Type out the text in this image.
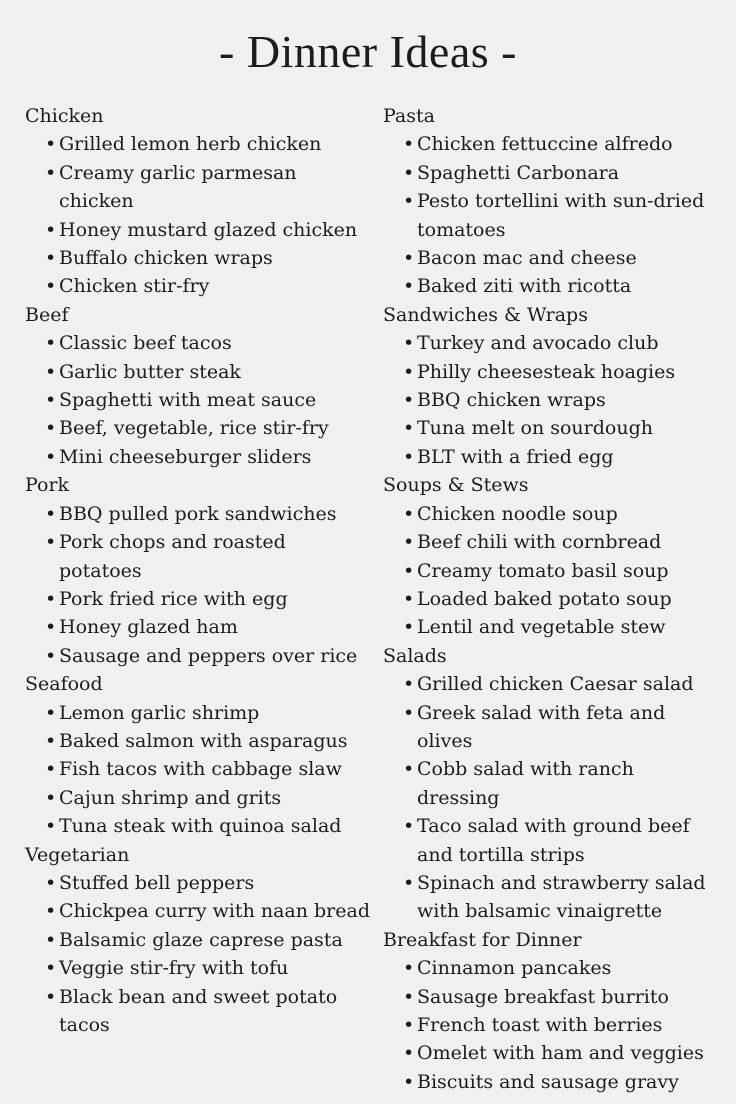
- Dinner Ideas -
Chicken
• Grilled lemon herb chicken
• Creamy garlic parmesan chicken
• Honey mustard glazed chicken
• Buffalo chicken wraps
• Chicken stir-fry
Beef
• Classic beef tacos
• Garlic butter steak
• Spaghetti with meat sauce
• Beef, vegetable, rice stir-fry
• Mini cheeseburger sliders
Pork
• BBQ pulled pork sandwiches
• Pork chops and roasted potatoes
• Pork fried rice with egg
• Honey glazed ham
• Sausage and peppers over rice
Seafood
• Lemon garlic shrimp
• Baked salmon with asparagus
• Fish tacos with cabbage slaw
• Cajun shrimp and grits
• Tuna steak with quinoa salad
Vegetarian
• Stuffed bell peppers
• Chickpea curry with naan bread
• Balsamic glaze caprese pasta
• Veggie stir-fry with tofu
• Black bean and sweet potato tacos
Pasta
• Chicken fettuccine alfredo
• Spaghetti Carbonara
• Pesto tortellini with sun-dried tomatoes
• Bacon mac and cheese
• Baked ziti with ricotta
Sandwiches & Wraps
• Turkey and avocado club
• Philly cheesesteak hoagies
• BBQ chicken wraps
• Tuna melt on sourdough
• BLT with a fried egg
Soups & Stews
• Chicken noodle soup
• Beef chili with cornbread
• Creamy tomato basil soup
• Loaded baked potato soup
• Lentil and vegetable stew
Salads
• Grilled chicken Caesar salad
• Greek salad with feta and olives
• Cobb salad with ranch dressing
• Taco salad with ground beef and tortilla strips
• Spinach and strawberry salad with balsamic vinaigrette
Breakfast for Dinner
• Cinnamon pancakes
• Sausage breakfast burrito
• French toast with berries
• Omelet with ham and veggies
• Biscuits and sausage gravy
